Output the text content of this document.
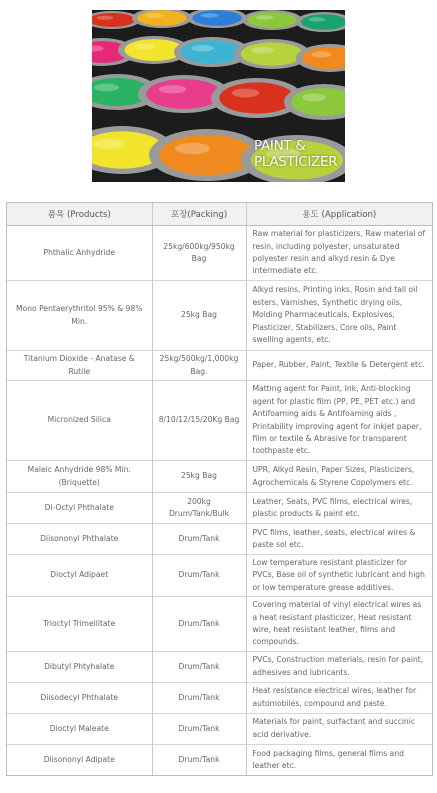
PAINT &
PLASTICIZER
품목 (Products)	포장(Packing)	용도 (Application)
Phthalic Anhydride	25kg/600kg/950kg Bag	Raw material for plasticizers, Raw material of resin, including polyester, unsaturated polyester resin and alkyd resin & Dye intermediate etc.
Mono Pentaerythritol 95% & 98% Min.	25kg Bag	Alkyd resins, Printing inks, Rosin and tall oil esters, Varnishes, Synthetic drying oils, Molding Pharmaceuticals, Explosives, Plasticizer, Stabilizers, Core oils, Paint swelling agents, etc.
Titanium Dioxide - Anatase & Rutile	25kg/500kg/1,000kg Bag.	Paper, Rubber, Paint, Textile & Detergent etc.
Micronized Silica	8/10/12/15/20Kg Bag	Matting agent for Paint, Ink, Anti-blocking agent for plastic film (PP, PE, PET etc.) and Antifoaming aids & Antifoaming aids , Printability improving agent for inkjet paper, film or textile & Abrasive for transparent toothpaste etc.
Maleic Anhydride 98% Min. (Briquette)	25kg Bag	UPR, Alkyd Resin, Paper Sizes, Plasticizers, Agrochemicals & Styrene Copolymers etc.
Di-Octyl Phthalate	200kg Drum/Tank/Bulk	Leather, Seats, PVC films, electrical wires, plastic products & paint etc.
Diisononyl Phthalate	Drum/Tank	PVC films, leather, seats, electrical wires & paste sol etc.
Dioctyl Adipaet	Drum/Tank	Low temperature resistant plasticizer for PVCs, Base oil of synthetic lubricant and high or low temperature grease additives.
Trioctyl Trimellitate	Drum/Tank	Covering material of vinyl electrical wires as a heat resistant plasticizer, Heat resistant wire, heat resistant leather, films and compounds.
Dibutyl Phtyhalate	Drum/Tank	PVCs, Construction materials, resin for paint, adhesives and lubricants.
Diisodecyl Phthalate	Drum/Tank	Heat resistance electrical wires, leather for automobiles, compound and paste.
Dioctyl Maleate	Drum/Tank	Materials for paint, surfactant and succinic acid derivative.
Diisononyl Adipate	Drum/Tank	Food packaging films, general films and leather etc.
